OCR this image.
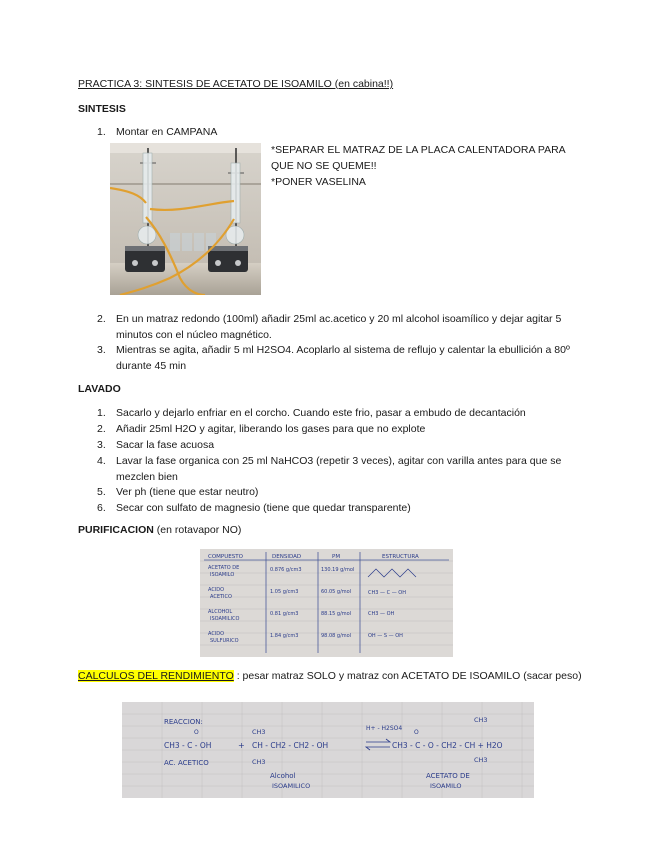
PRACTICA 3: SINTESIS DE ACETATO DE ISOAMILO (en cabina!!)
SINTESIS
1. Montar en CAMPANA
*SEPARAR EL MATRAZ DE LA PLACA CALENTADORA PARA QUE NO SE QUEME!!
*PONER VASELINA
2. En un matraz redondo (100ml) añadir 25ml ac.acetico y 20 ml alcohol isoamílico y dejar agitar 5 minutos con el núcleo magnético.
3. Mientras se agita, añadir 5 ml H2SO4. Acoplarlo al sistema de reflujo y calentar la ebullición a 80º durante 45 min
LAVADO
1. Sacarlo y dejarlo enfriar en el corcho. Cuando este frio, pasar a embudo de decantación
2. Añadir 25ml H2O y agitar, liberando los gases para que no explote
3. Sacar la fase acuosa
4. Lavar la fase organica con 25 ml NaHCO3 (repetir 3 veces), agitar con varilla antes para que se mezclen bien
5. Ver ph (tiene que estar neutro)
6. Secar con sulfato de magnesio (tiene que quedar transparente)
PURIFICACION (en rotavapor NO)
COMPUESTO	DENSIDAD	PM	ESTRUCTURA
ACETATO DE
ISOAMILO
0.876 g/cm3	130.19 g/mol
ACIDO
ACETICO
1.05 g/cm3	60.05 g/mol	CH3 — C — OH
ALCOHOL
ISOAMILICO
0.81 g/cm3	88.15 g/mol	CH3 — OH
ACIDO
SULFURICO
1.84 g/cm3	98.08 g/mol	OH — S — OH
CALCULOS DEL RENDIMIENTO : pesar matraz SOLO y matraz con ACETATO DE ISOAMILO (sacar peso)
REACCION:
O
CH3 - C - OH
AC. ACETICO
+
CH3
CH - CH2 - CH2 - OH
CH3
Alcohol
ISOAMILICO
H+ - H2SO4
O
CH3
CH3 - C - O - CH2 - CH + H2O
CH3
ACETATO DE
ISOAMILO
